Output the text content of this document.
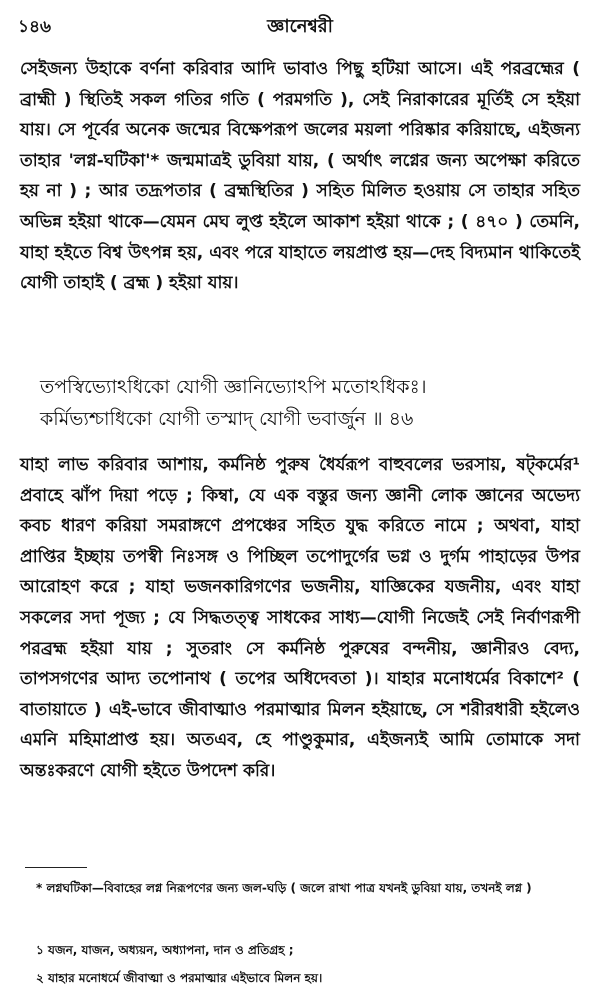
১৪৬	জ্ঞানেশ্বরী

সেইজন্য উহাকে বর্ণনা করিবার আদি ভাবাও পিছু হটিয়া আসে। এই পরব্রহ্মের ( ব্রাহ্মী ) স্থিতিই সকল গতির গতি ( পরমগতি ), সেই নিরাকারের মূর্তিই সে হইয়া যায়। সে পূর্বের অনেক জন্মের বিক্ষেপরূপ জলের ময়লা পরিষ্কার করিয়াছে, এইজন্য তাহার 'লগ্ন-ঘটিকা'* জন্মমাত্রই ডুবিয়া যায়, ( অর্থাৎ লগ্নের জন্য অপেক্ষা করিতে হয় না ) ; আর তদ্রূপতার ( ব্রহ্মস্থিতির ) সহিত মিলিত হওয়ায় সে তাহার সহিত অভিন্ন হইয়া থাকে—যেমন মেঘ লুপ্ত হইলে আকাশ হইয়া থাকে ; ( ৪৭০ ) তেমনি, যাহা হইতে বিশ্ব উৎপন্ন হয়, এবং পরে যাহাতে লয়প্রাপ্ত হয়—দেহ বিদ্যমান থাকিতেই যোগী তাহাই ( ব্রহ্ম ) হইয়া যায়।

তপস্বিভ্যোঽধিকো যোগী জ্ঞানিভ্যোঽপি মতোঽধিকঃ।
কর্মিভ্যশ্চাধিকো যোগী তস্মাদ্ যোগী ভবার্জুন ॥ ৪৬

যাহা লাভ করিবার আশায়, কর্মনিষ্ঠ পুরুষ ধৈর্যরূপ বাহুবলের ভরসায়, ষট্‌কর্মের¹ প্রবাহে ঝাঁপ দিয়া পড়ে ; কিম্বা, যে এক বস্তুর জন্য জ্ঞানী লোক জ্ঞানের অভেদ্য কবচ ধারণ করিয়া সমরাঙ্গণে প্রপঞ্চের সহিত যুদ্ধ করিতে নামে ; অথবা, যাহা প্রাপ্তির ইচ্ছায় তপস্বী নিঃসঙ্গ ও পিচ্ছিল তপোদুর্গের ভগ্ন ও দুর্গম পাহাড়ের উপর আরোহণ করে ; যাহা ভজনকারিগণের ভজনীয়, যাজ্ঞিকের যজনীয়, এবং যাহা সকলের সদা পূজ্য ; যে সিদ্ধতত্ত্ব সাধকের সাধ্য—যোগী নিজেই সেই নির্বাণরূপী পরব্রহ্ম হইয়া যায় ; সুতরাং সে কর্মনিষ্ঠ পুরুষের বন্দনীয়, জ্ঞানীরও বেদ্য, তাপসগণের আদ্য তপোনাথ ( তপের অধিদেবতা )। যাহার মনোধর্মের বিকাশে² ( বাতায়াতে ) এই-ভাবে জীবাত্মাও পরমাত্মার মিলন হইয়াছে, সে শরীরধারী হইলেও এমনি মহিমাপ্রাপ্ত হয়। অতএব, হে পাণ্ডুকুমার, এইজন্যই আমি তোমাকে সদা অন্তঃকরণে যোগী হইতে উপদেশ করি।

* লগ্নঘটিকা—বিবাহের লগ্ন নিরূপণের জন্য জল-ঘড়ি ( জলে রাখা পাত্র যখনই ডুবিয়া যায়, তখনই লগ্ন )

১ যজন, যাজন, অধ্যয়ন, অধ্যাপনা, দান ও প্রতিগ্রহ ;

২ যাহার মনোধর্মে জীবাত্মা ও পরমাত্মার এইভাবে মিলন হয়।
